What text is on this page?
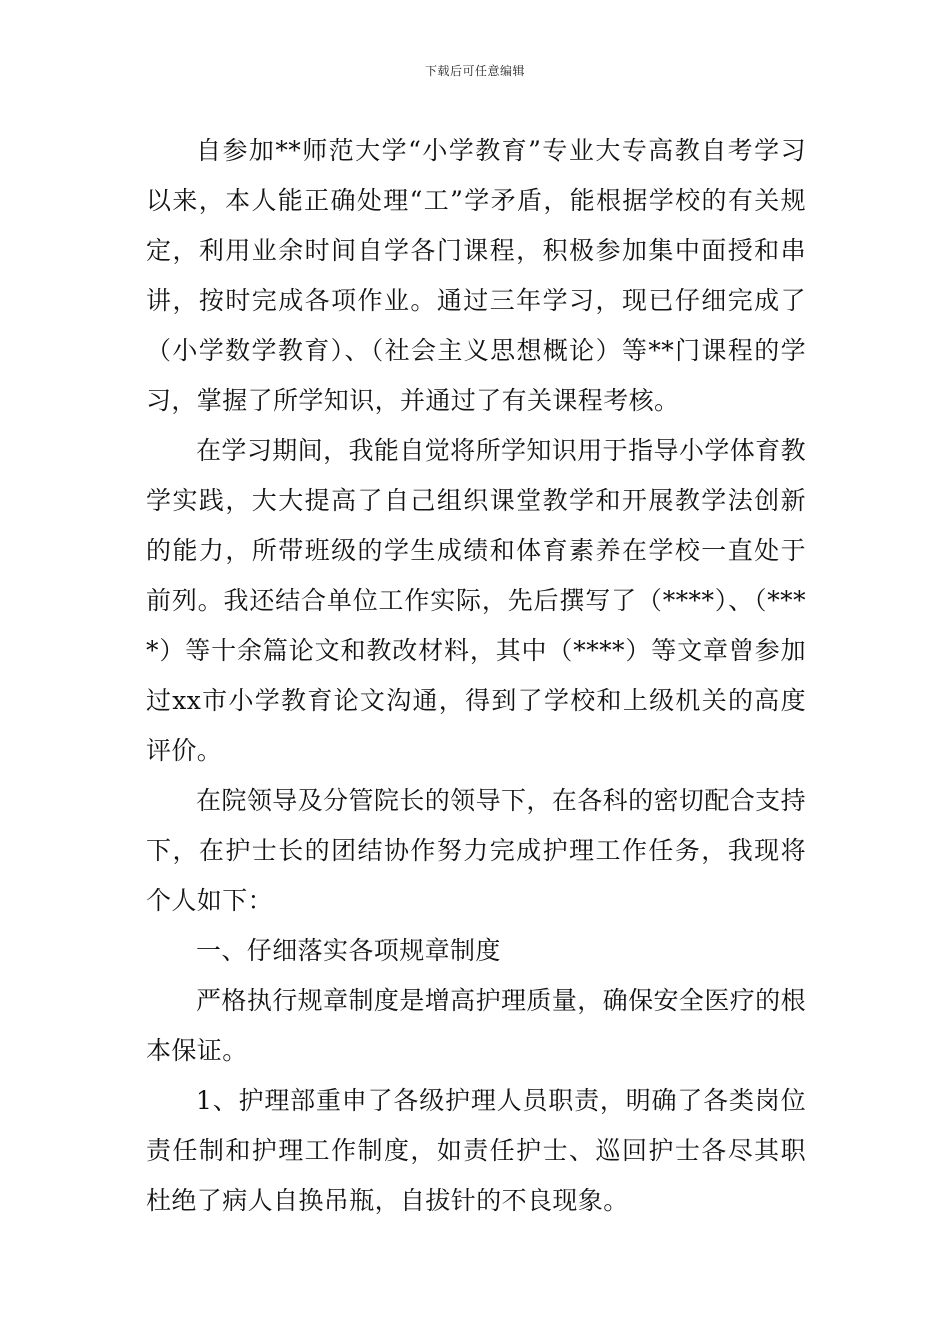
下载后可任意编辑

自参加**师范大学“小学教育”专业大专高教自考学习以来，本人能正确处理“工”学矛盾，能根据学校的有关规定，利用业余时间自学各门课程，积极参加集中面授和串讲，按时完成各项作业。通过三年学习，现已仔细完成了（小学数学教育）、（社会主义思想概论）等**门课程的学习，掌握了所学知识，并通过了有关课程考核。

在学习期间，我能自觉将所学知识用于指导小学体育教学实践，大大提高了自己组织课堂教学和开展教学法创新的能力，所带班级的学生成绩和体育素养在学校一直处于前列。我还结合单位工作实际，先后撰写了（****）、（****）等十余篇论文和教改材料，其中（****）等文章曾参加过xx市小学教育论文沟通，得到了学校和上级机关的高度评价。

在院领导及分管院长的领导下，在各科的密切配合支持下，在护士长的团结协作努力完成护理工作任务，我现将个人如下：

一、仔细落实各项规章制度

严格执行规章制度是增高护理质量，确保安全医疗的根本保证。

1、护理部重申了各级护理人员职责，明确了各类岗位责任制和护理工作制度，如责任护士、巡回护士各尽其职杜绝了病人自换吊瓶，自拔针的不良现象。
